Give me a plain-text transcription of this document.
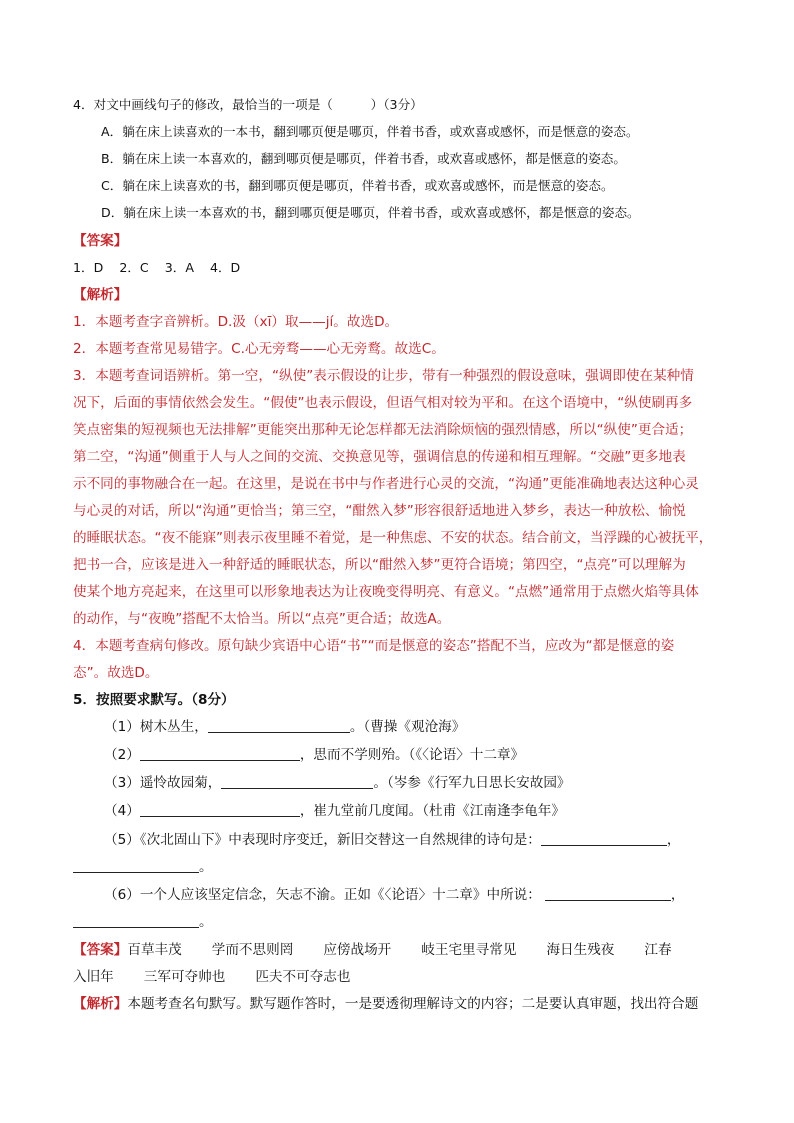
4．对文中画线句子的修改，最恰当的一项是（　　　）（3分）
A．躺在床上读喜欢的一本书，翻到哪页便是哪页，伴着书香，或欢喜或感怀，而是惬意的姿态。
B．躺在床上读一本喜欢的，翻到哪页便是哪页，伴着书香，或欢喜或感怀，都是惬意的姿态。
C．躺在床上读喜欢的书，翻到哪页便是哪页，伴着书香，或欢喜或感怀，而是惬意的姿态。
D．躺在床上读一本喜欢的书，翻到哪页便是哪页，伴着书香，或欢喜或感怀，都是惬意的姿态。
【答案】
1．D 2．C 3．A 4．D
【解析】
1．本题考查字音辨析。D.汲（xī）取——jí。故选D。
2．本题考查常见易错字。C.心无旁骛——心无旁鹜。故选C。
3．本题考查词语辨析。第一空，“纵使”表示假设的让步，带有一种强烈的假设意味，强调即使在某种情
况下，后面的事情依然会发生。“假使”也表示假设，但语气相对较为平和。在这个语境中，“纵使刷再多
笑点密集的短视频也无法排解”更能突出那种无论怎样都无法消除烦恼的强烈情感，所以“纵使”更合适；
第二空，“沟通”侧重于人与人之间的交流、交换意见等，强调信息的传递和相互理解。“交融”更多地表
示不同的事物融合在一起。在这里，是说在书中与作者进行心灵的交流，“沟通”更能准确地表达这种心灵
与心灵的对话，所以“沟通”更恰当；第三空，“酣然入梦”形容很舒适地进入梦乡，表达一种放松、愉悦
的睡眠状态。“夜不能寐”则表示夜里睡不着觉，是一种焦虑、不安的状态。结合前文，当浮躁的心被抚平，
把书一合，应该是进入一种舒适的睡眠状态，所以“酣然入梦”更符合语境；第四空，“点亮”可以理解为
使某个地方亮起来，在这里可以形象地表达为让夜晚变得明亮、有意义。“点燃”通常用于点燃火焰等具体
的动作，与“夜晚”搭配不太恰当。所以“点亮”更合适；故选A。
4．本题考查病句修改。原句缺少宾语中心语“书”“而是惬意的姿态”搭配不当，应改为“都是惬意的姿
态”。故选D。
5．按照要求默写。（8分）
（1）树木丛生，	。（曹操《观沧海》
（2）	，思而不学则殆。（《〈论语〉十二章》
（3）遥怜故园菊，	。（岑参《行军九日思长安故园》
（4）	，崔九堂前几度闻。（杜甫《江南逢李龟年》
（5）《次北固山下》中表现时序变迁，新旧交替这一自然规律的诗句是：	，
。
（6）一个人应该坚定信念，矢志不渝。正如《〈论语〉十二章》中所说：	，
。
【答案】百草丰茂 学而不思则罔 应傍战场开 岐王宅里寻常见 海日生残夜 江春
入旧年 三军可夺帅也 匹夫不可夺志也
【解析】本题考查名句默写。默写题作答时，一是要透彻理解诗文的内容；二是要认真审题，找出符合题
